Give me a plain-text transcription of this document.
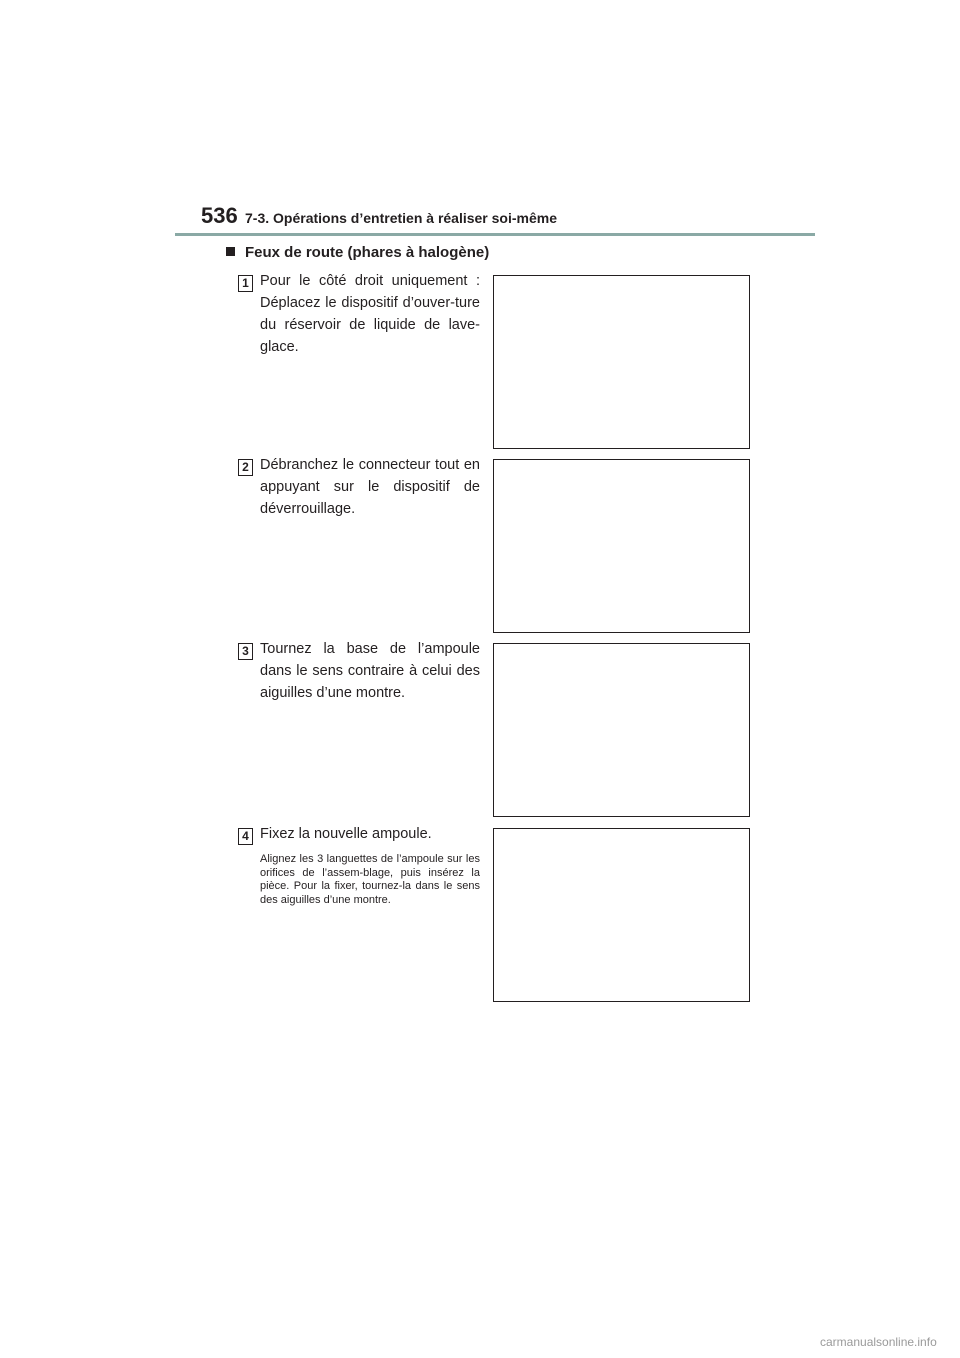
536 7-3. Opérations d’entretien à réaliser soi-même
Feux de route (phares à halogène)
1 Pour le côté droit uniquement : Déplacez le dispositif d’ouver-ture du réservoir de liquide de lave-glace.
2 Débranchez le connecteur tout en appuyant sur le dispositif de déverrouillage.
3 Tournez la base de l’ampoule dans le sens contraire à celui des aiguilles d’une montre.
4 Fixez la nouvelle ampoule.
Alignez les 3 languettes de l’ampoule sur les orifices de l’assem-blage, puis insérez la pièce. Pour la fixer, tournez-la dans le sens des aiguilles d’une montre.
carmanualsonline.info
